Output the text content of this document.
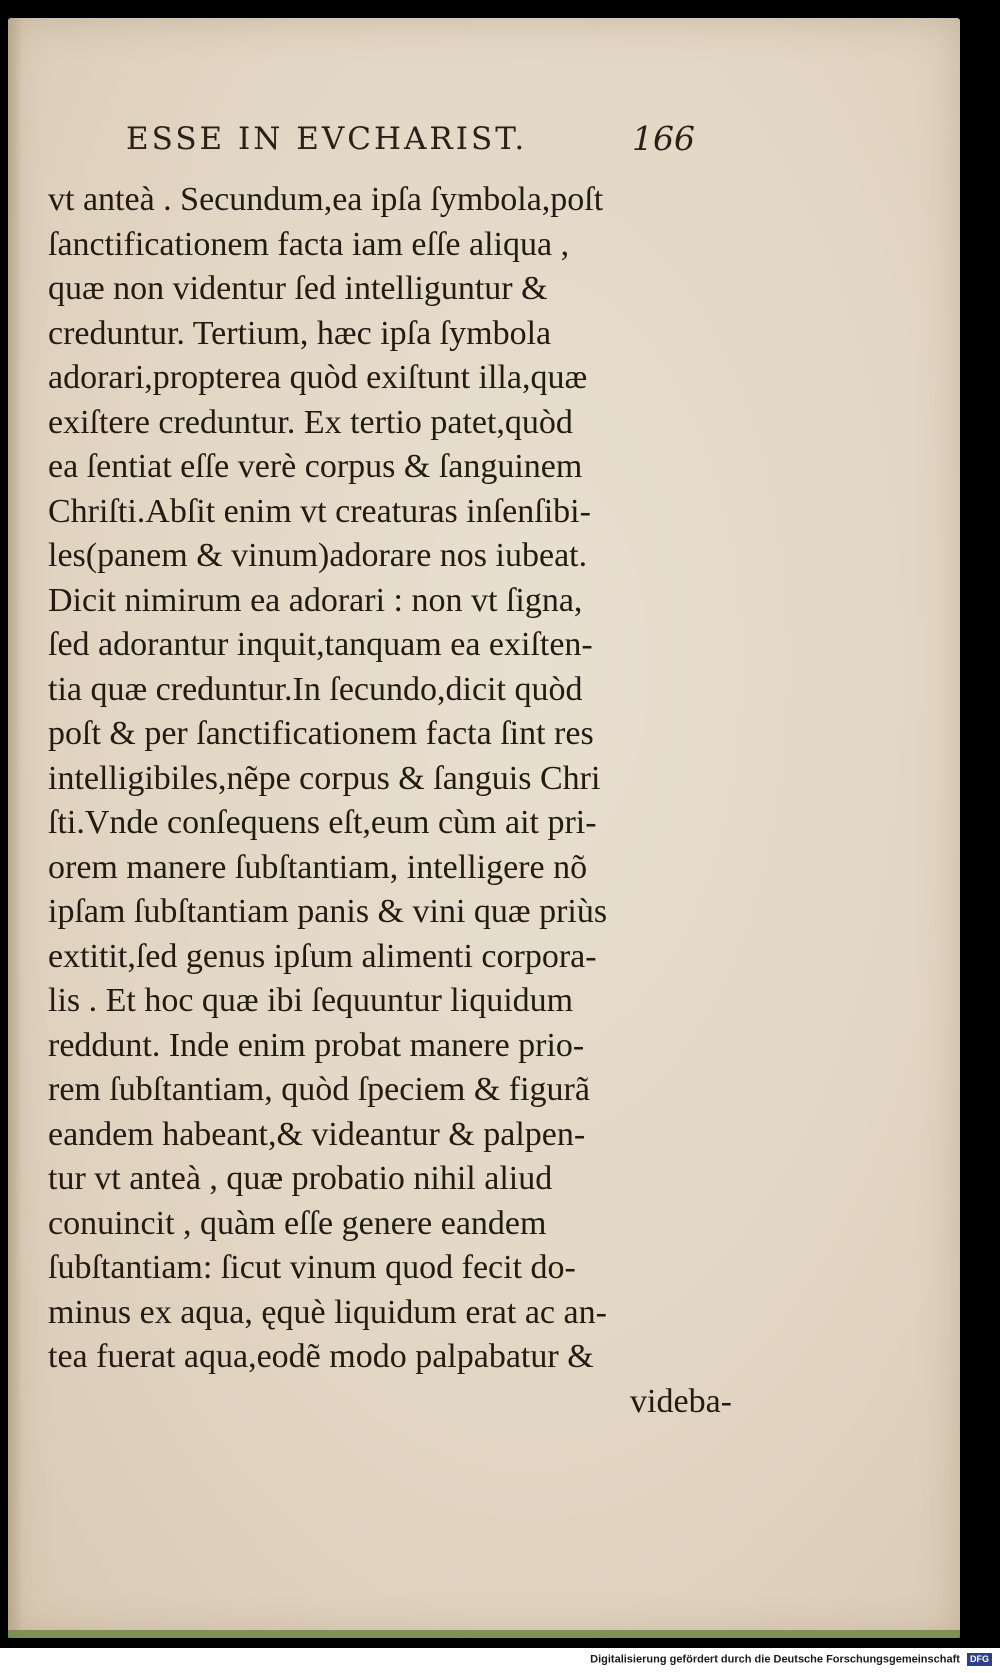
ESSE IN EVCHARIST.	166
vt anteà . Secundum,ea ipſa ſymbola,poſt
ſanctificationem facta iam eſſe aliqua ,
quæ non videntur ſed intelliguntur &
creduntur. Tertium, hæc ipſa ſymbola
adorari,propterea quòd exiſtunt illa,quæ
exiſtere creduntur. Ex tertio patet,quòd
ea ſentiat eſſe verè corpus & ſanguinem
Chriſti.Abſit enim vt creaturas inſenſibi-
les(panem & vinum)adorare nos iubeat.
Dicit nimirum ea adorari : non vt ſigna,
ſed adorantur inquit,tanquam ea exiſten-
tia quæ creduntur.In ſecundo,dicit quòd
poſt & per ſanctificationem facta ſint res
intelligibiles,nẽpe corpus & ſanguis Chri
ſti.Vnde conſequens eſt,eum cùm ait pri-
orem manere ſubſtantiam, intelligere nõ
ipſam ſubſtantiam panis & vini quæ priùs
extitit,ſed genus ipſum alimenti corpora-
lis . Et hoc quæ ibi ſequuntur liquidum
reddunt. Inde enim probat manere prio-
rem ſubſtantiam, quòd ſpeciem & figurã
eandem habeant,& videantur & palpen-
tur vt anteà , quæ probatio nihil aliud
conuincit , quàm eſſe genere eandem
ſubſtantiam: ſicut vinum quod fecit do-
minus ex aqua, ęquè liquidum erat ac an-
tea fuerat aqua,eodẽ modo palpabatur &
videba-
Digitalisierung gefördert durch die Deutsche Forschungsgemeinschaft DFG
